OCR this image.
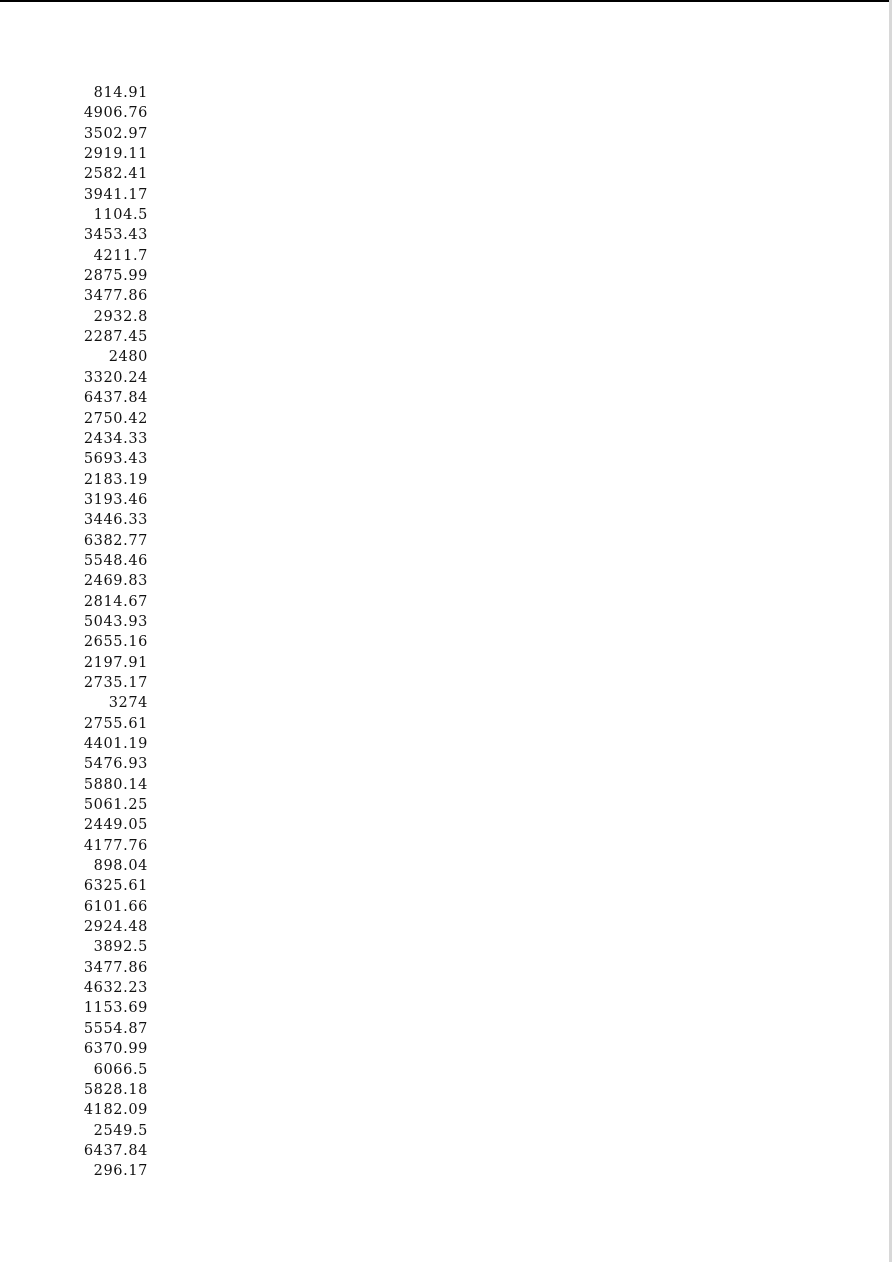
814.91
4906.76
3502.97
2919.11
2582.41
3941.17
1104.5
3453.43
4211.7
2875.99
3477.86
2932.8
2287.45
2480
3320.24
6437.84
2750.42
2434.33
5693.43
2183.19
3193.46
3446.33
6382.77
5548.46
2469.83
2814.67
5043.93
2655.16
2197.91
2735.17
3274
2755.61
4401.19
5476.93
5880.14
5061.25
2449.05
4177.76
898.04
6325.61
6101.66
2924.48
3892.5
3477.86
4632.23
1153.69
5554.87
6370.99
6066.5
5828.18
4182.09
2549.5
6437.84
296.17
